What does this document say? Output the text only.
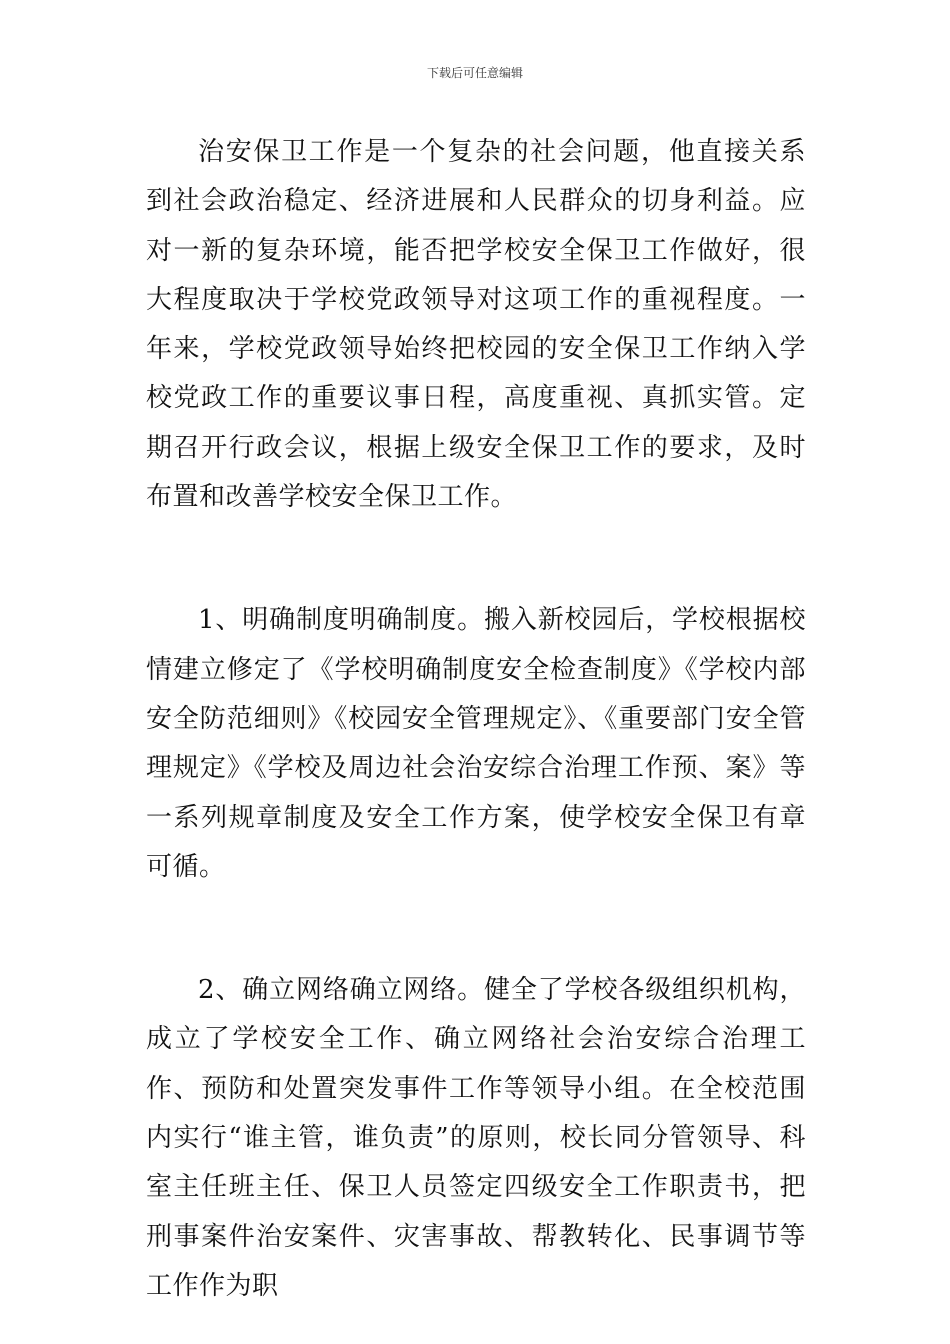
下载后可任意编辑

治安保卫工作是一个复杂的社会问题，他直接关系到社会政治稳定、经济进展和人民群众的切身利益。应对一新的复杂环境，能否把学校安全保卫工作做好，很大程度取决于学校党政领导对这项工作的重视程度。一年来，学校党政领导始终把校园的安全保卫工作纳入学校党政工作的重要议事日程，高度重视、真抓实管。定期召开行政会议，根据上级安全保卫工作的要求，及时布置和改善学校安全保卫工作。

1、明确制度明确制度。搬入新校园后，学校根据校情建立修定了《学校明确制度安全检查制度》《学校内部安全防范细则》《校园安全管理规定》、《重要部门安全管理规定》《学校及周边社会治安综合治理工作预、案》等一系列规章制度及安全工作方案，使学校安全保卫有章可循。

2、确立网络确立网络。健全了学校各级组织机构，成立了学校安全工作、确立网络社会治安综合治理工作、预防和处置突发事件工作等领导小组。在全校范围内实行“谁主管，谁负责”的原则，校长同分管领导、科室主任班主任、保卫人员签定四级安全工作职责书，把刑事案件治安案件、灾害事故、帮教转化、民事调节等工作作为职
